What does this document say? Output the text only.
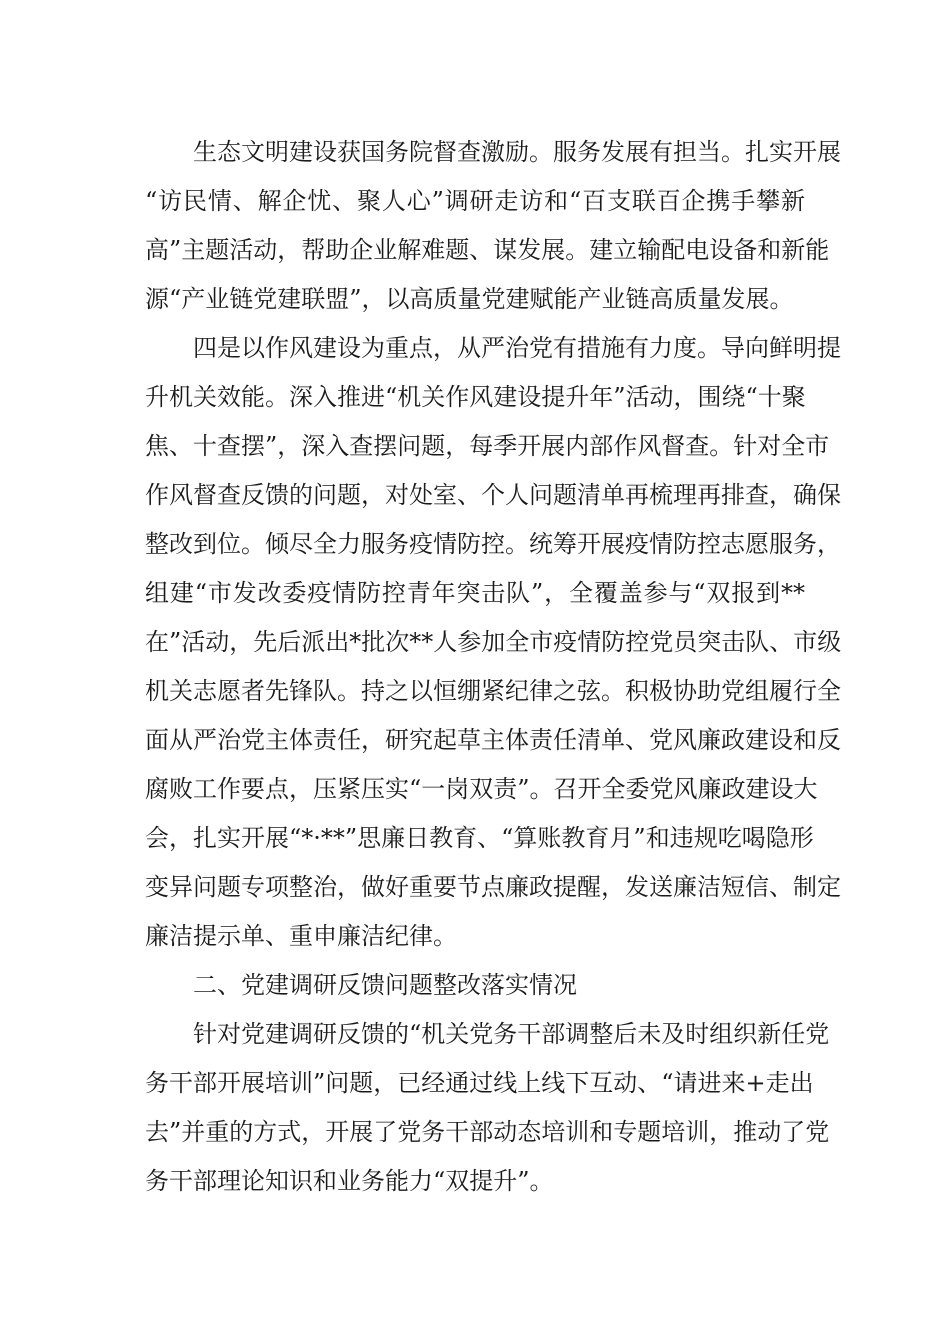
生态文明建设获国务院督查激励。服务发展有担当。扎实开展
“访民情、解企忧、聚人心”调研走访和“百支联百企携手攀新
高”主题活动，帮助企业解难题、谋发展。建立输配电设备和新能
源“产业链党建联盟”，以高质量党建赋能产业链高质量发展。
四是以作风建设为重点，从严治党有措施有力度。导向鲜明提
升机关效能。深入推进“机关作风建设提升年”活动，围绕“十聚
焦、十查摆”，深入查摆问题，每季开展内部作风督查。针对全市
作风督查反馈的问题，对处室、个人问题清单再梳理再排查，确保
整改到位。倾尽全力服务疫情防控。统筹开展疫情防控志愿服务，
组建“市发改委疫情防控青年突击队”，全覆盖参与“双报到**
在”活动，先后派出*批次**人参加全市疫情防控党员突击队、市级
机关志愿者先锋队。持之以恒绷紧纪律之弦。积极协助党组履行全
面从严治党主体责任，研究起草主体责任清单、党风廉政建设和反
腐败工作要点，压紧压实“一岗双责”。召开全委党风廉政建设大
会，扎实开展“*·**”思廉日教育、“算账教育月”和违规吃喝隐形
变异问题专项整治，做好重要节点廉政提醒，发送廉洁短信、制定
廉洁提示单、重申廉洁纪律。
二、党建调研反馈问题整改落实情况
针对党建调研反馈的“机关党务干部调整后未及时组织新任党
务干部开展培训”问题，已经通过线上线下互动、“请进来+走出
去”并重的方式，开展了党务干部动态培训和专题培训，推动了党
务干部理论知识和业务能力“双提升”。
